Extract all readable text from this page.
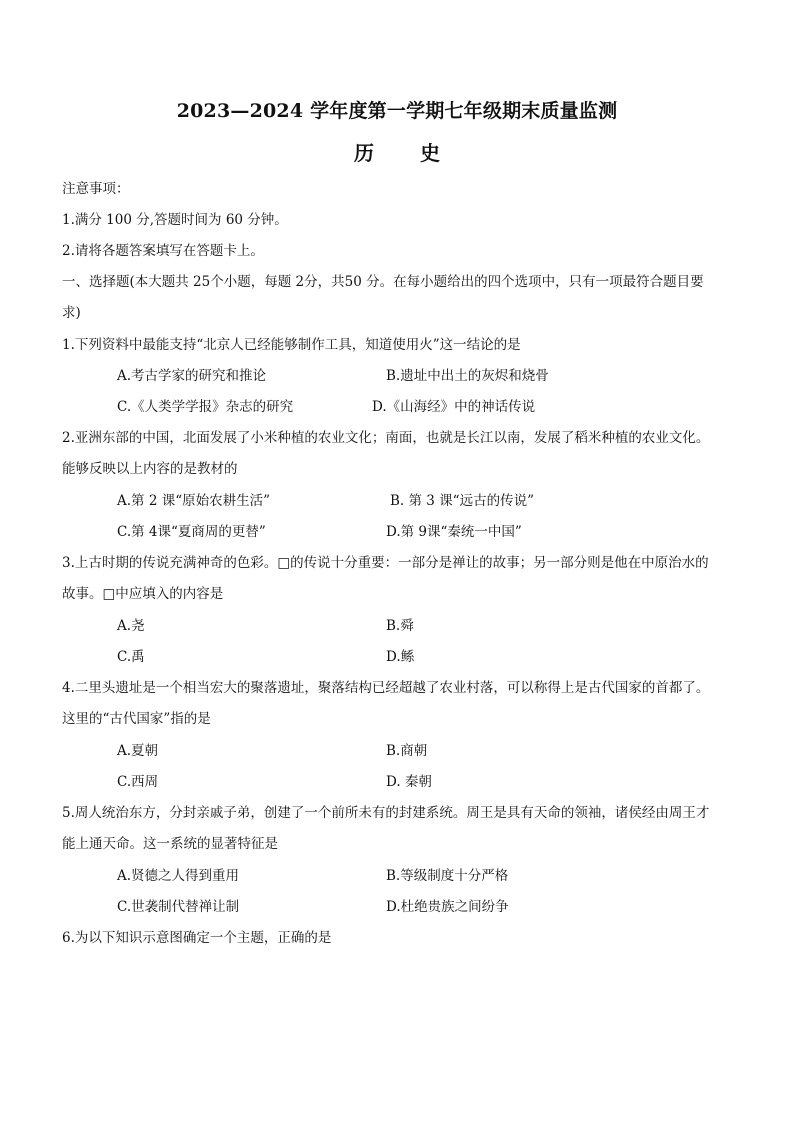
2023—2024 学年度第一学期七年级期末质量监测
历 史
注意事项：
1.满分 100 分,答题时间为 60 分钟。
2.请将各题答案填写在答题卡上。
一、选择题(本大题共 25个小题，每题 2分，共50 分。在每小题给出的四个选项中，只有一项最符合题目要
求)
1.下列资料中最能支持“北京人已经能够制作工具，知道使用火”这一结论的是
A.考古学家的研究和推论	B.遗址中出土的灰烬和烧骨
C.《人类学学报》杂志的研究	D.《山海经》中的神话传说
2.亚洲东部的中国，北面发展了小米种植的农业文化；南面，也就是长江以南，发展了稻米种植的农业文化。
能够反映以上内容的是教材的
A.第 2 课“原始农耕生活”	B. 第 3 课“远古的传说”
C.第 4课“夏商周的更替”	D.第 9课“秦统一中国”
3.上古时期的传说充满神奇的色彩。□的传说十分重要：一部分是禅让的故事；另一部分则是他在中原治水的
故事。□中应填入的内容是
A.尧	B.舜
C.禹	D.鲧
4.二里头遗址是一个相当宏大的聚落遗址，聚落结构已经超越了农业村落，可以称得上是古代国家的首都了。
这里的“古代国家”指的是
A.夏朝	B.商朝
C.西周	D. 秦朝
5.周人统治东方，分封亲戚子弟，创建了一个前所未有的封建系统。周王是具有天命的领袖，诸侯经由周王才
能上通天命。这一系统的显著特征是
A.贤德之人得到重用	B.等级制度十分严格
C.世袭制代替禅让制	D.杜绝贵族之间纷争
6.为以下知识示意图确定一个主题，正确的是
